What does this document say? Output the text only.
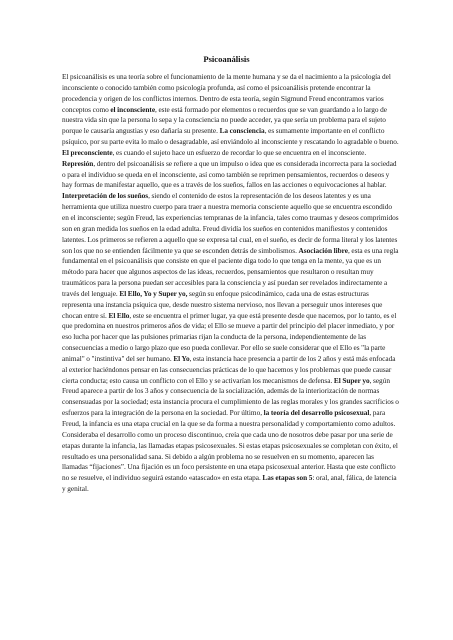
Psicoanálisis

El psicoanálisis es una teoría sobre el funcionamiento de la mente humana y se da el nacimiento a la psicología del inconsciente o conocido también como psicología profunda, así como el psicoanálisis pretende encontrar la procedencia y origen de los conflictos internos. Dentro de esta teoría, según Sigmund Freud encontramos varios conceptos como el inconsciente, este está formado por elementos o recuerdos que se van guardando a lo largo de nuestra vida sin que la persona lo sepa y la consciencia no puede acceder, ya que sería un problema para el sujeto porque le causaría angustias y eso dañaría su presente. La consciencia, es sumamente importante en el conflicto psíquico, por su parte evita lo malo o desagradable, así enviándolo al inconsciente y rescatando lo agradable o bueno. El preconsciente, es cuando el sujeto hace un esfuerzo de recordar lo que se encuentra en el inconsciente. Represión, dentro del psicoanálisis se refiere a que un impulso o idea que es considerada incorrecta para la sociedad o para el individuo se queda en el inconsciente, así como también se reprimen pensamientos, recuerdos o deseos y hay formas de manifestar aquello, que es a través de los sueños, fallos en las acciones o equivocaciones al hablar. Interpretación de los sueños, siendo el contenido de estos la representación de los deseos latentes y es una herramienta que utiliza nuestro cuerpo para traer a nuestra memoria consciente aquello que se encuentra escondido en el inconsciente; según Freud, las experiencias tempranas de la infancia, tales como traumas y deseos comprimidos son en gran medida los sueños en la edad adulta. Freud dividía los sueños en contenidos manifiestos y contenidos latentes. Los primeros se refieren a aquello que se expresa tal cual, en el sueño, es decir de forma literal y los latentes son los que no se entienden fácilmente ya que se esconden detrás de simbolismos. Asociación libre, esta es una regla fundamental en el psicoanálisis que consiste en que el paciente diga todo lo que tenga en la mente, ya que es un método para hacer que algunos aspectos de las ideas, recuerdos, pensamientos que resultaron o resultan muy traumáticos para la persona puedan ser accesibles para la consciencia y así puedan ser revelados indirectamente a través del lenguaje. El Ello, Yo y Super yo, según su enfoque psicodinámico, cada una de estas estructuras representa una instancia psíquica que, desde nuestro sistema nervioso, nos llevan a perseguir unos intereses que chocan entre sí. El Ello, este se encuentra el primer lugar, ya que está presente desde que nacemos, por lo tanto, es el que predomina en nuestros primeros años de vida; el Ello se mueve a partir del principio del placer inmediato, y por eso lucha por hacer que las pulsiones primarias rijan la conducta de la persona, independientemente de las consecuencias a medio o largo plazo que eso pueda conllevar. Por ello se suele considerar que el Ello es "la parte animal" o "instintiva" del ser humano. El Yo, esta instancia hace presencia a partir de los 2 años y está más enfocada al exterior haciéndonos pensar en las consecuencias prácticas de lo que hacemos y los problemas que puede causar cierta conducta; esto causa un conflicto con el Ello y se activarían los mecanismos de defensa. El Super yo, según Freud aparece a partir de los 3 años y consecuencia de la socialización, además de la interiorización de normas consensuadas por la sociedad; esta instancia procura el cumplimiento de las reglas morales y los grandes sacrificios o esfuerzos para la integración de la persona en la sociedad. Por último, la teoría del desarrollo psicosexual, para Freud, la infancia es una etapa crucial en la que se da forma a nuestra personalidad y comportamiento como adultos. Consideraba el desarrollo como un proceso discontinuo, creía que cada uno de nosotros debe pasar por una serie de etapas durante la infancia, las llamadas etapas psicosexuales. Si estas etapas psicosexuales se completan con éxito, el resultado es una personalidad sana. Si debido a algún problema no se resuelven en su momento, aparecen las llamadas “fijaciones”. Una fijación es un foco persistente en una etapa psicosexual anterior. Hasta que este conflicto no se resuelve, el individuo seguirá estando «atascado» en esta etapa. Las etapas son 5: oral, anal, fálica, de latencia y genital.
